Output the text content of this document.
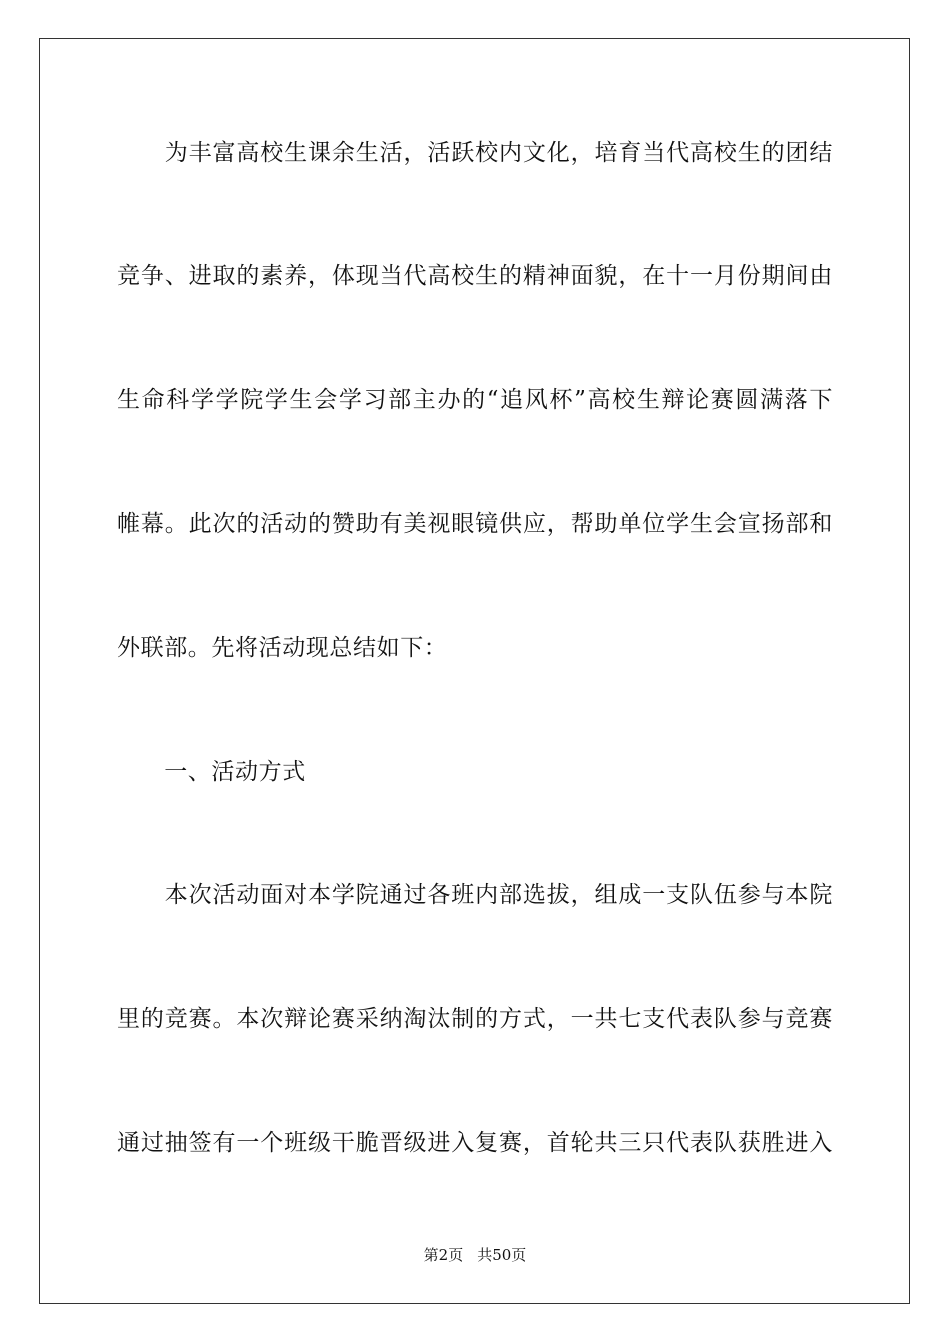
　　为丰富高校生课余生活，活跃校内文化，培育当代高校生的团结
竞争、进取的素养，体现当代高校生的精神面貌，在十一月份期间由
生命科学学院学生会学习部主办的“追风杯”高校生辩论赛圆满落下
帷幕。此次的活动的赞助有美视眼镜供应，帮助单位学生会宣扬部和
外联部。先将活动现总结如下：
　　一、活动方式
　　本次活动面对本学院通过各班内部选拔，组成一支队伍参与本院
里的竞赛。本次辩论赛采纳淘汰制的方式，一共七支代表队参与竞赛
通过抽签有一个班级干脆晋级进入复赛，首轮共三只代表队获胜进入
第2页 共50页
